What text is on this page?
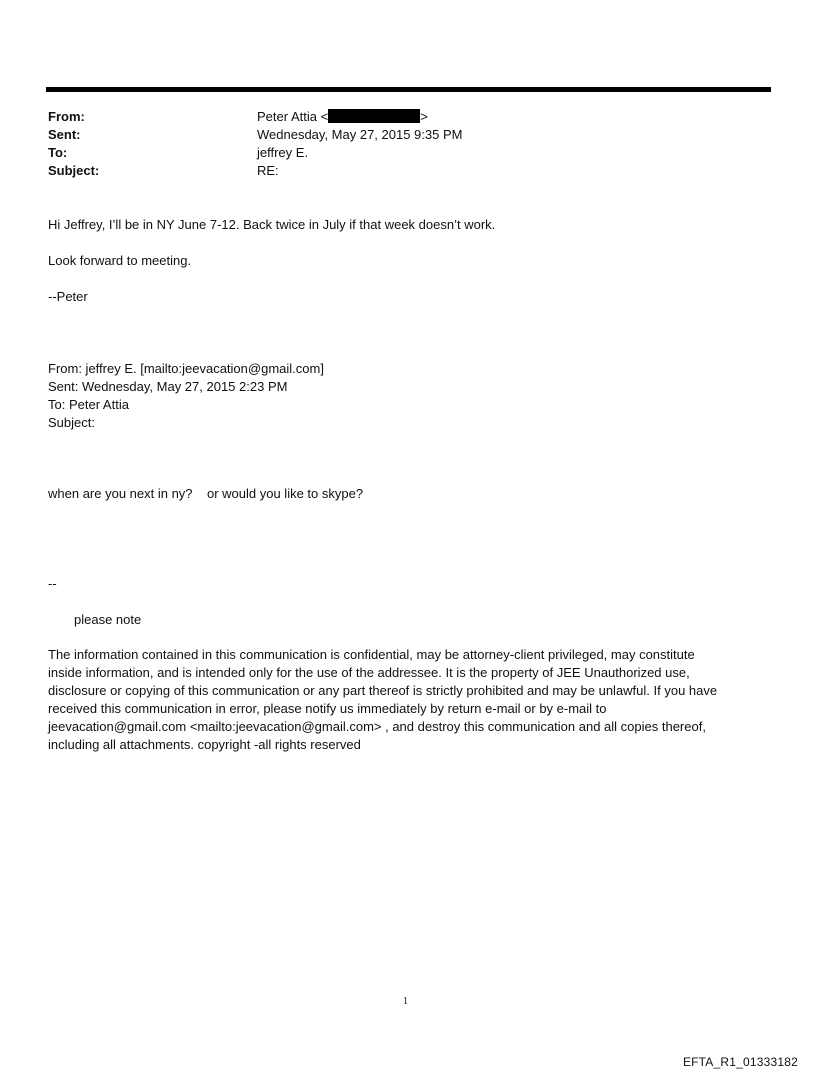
From:	Peter Attia <	>
Sent:	Wednesday, May 27, 2015 9:35 PM
To:	jeffrey E.
Subject:	RE:
Hi Jeffrey, I’ll be in NY June 7-12. Back twice in July if that week doesn’t work.
Look forward to meeting.
--Peter
From: jeffrey E. [mailto:jeevacation@gmail.com]
Sent: Wednesday, May 27, 2015 2:23 PM
To: Peter Attia
Subject:
when are you next in ny?    or would you like to skype?
--
please note
The information contained in this communication is confidential, may be attorney-client privileged, may constitute
inside information, and is intended only for the use of the addressee. It is the property of JEE Unauthorized use,
disclosure or copying of this communication or any part thereof is strictly prohibited and may be unlawful. If you have
received this communication in error, please notify us immediately by return e-mail or by e-mail to
jeevacation@gmail.com <mailto:jeevacation@gmail.com> , and destroy this communication and all copies thereof,
including all attachments. copyright -all rights reserved
1
EFTA_R1_01333182
